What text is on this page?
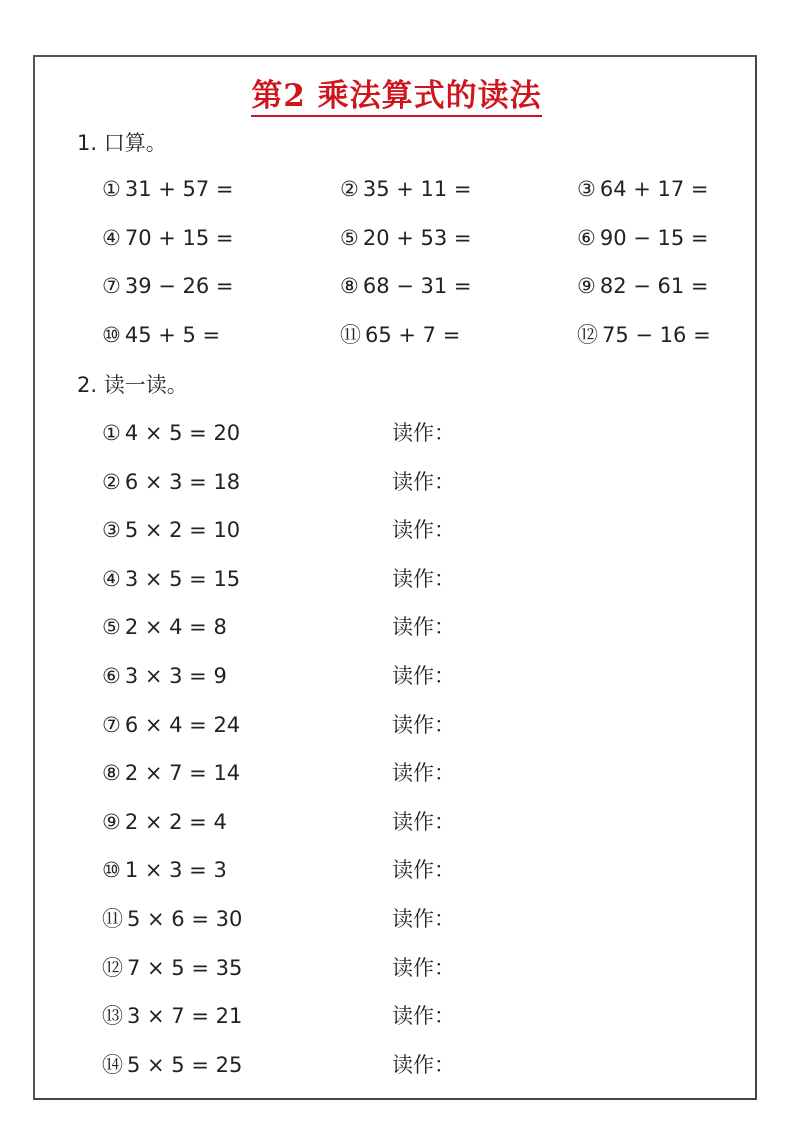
第2 乘法算式的读法
1. 口算。
① 31 + 57 =	② 35 + 11 =	③ 64 + 17 =
④ 70 + 15 =	⑤ 20 + 53 =	⑥ 90 − 15 =
⑦ 39 − 26 =	⑧ 68 − 31 =	⑨ 82 − 61 =
⑩ 45 + 5 =	⑪ 65 + 7 =	⑫ 75 − 16 =
2. 读一读。
① 4 × 5 = 20	读作：
② 6 × 3 = 18	读作：
③ 5 × 2 = 10	读作：
④ 3 × 5 = 15	读作：
⑤ 2 × 4 = 8	读作：
⑥ 3 × 3 = 9	读作：
⑦ 6 × 4 = 24	读作：
⑧ 2 × 7 = 14	读作：
⑨ 2 × 2 = 4	读作：
⑩ 1 × 3 = 3	读作：
⑪ 5 × 6 = 30	读作：
⑫ 7 × 5 = 35	读作：
⑬ 3 × 7 = 21	读作：
⑭ 5 × 5 = 25	读作：
